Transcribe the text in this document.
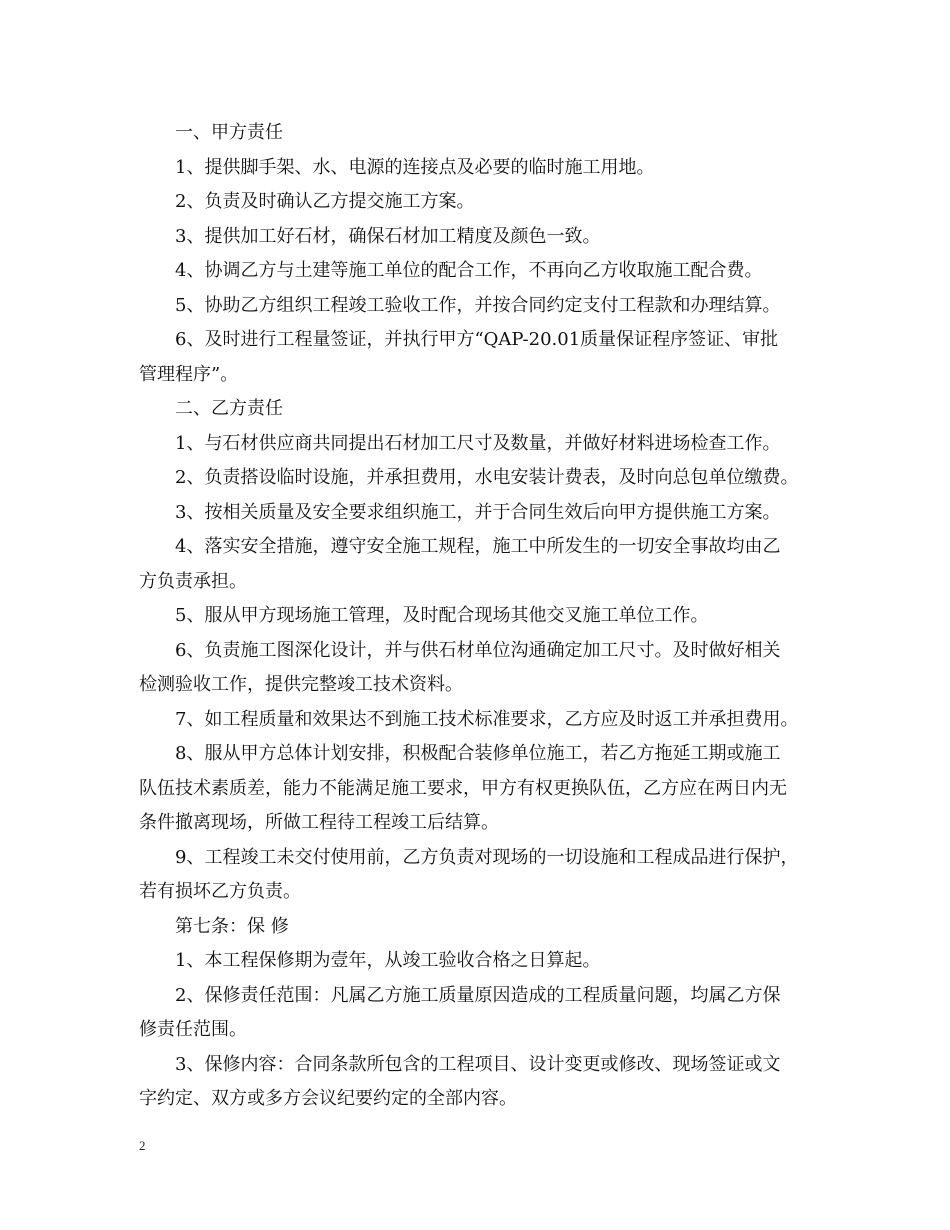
一、甲方责任
1、提供脚手架、水、电源的连接点及必要的临时施工用地。
2、负责及时确认乙方提交施工方案。
3、提供加工好石材，确保石材加工精度及颜色一致。
4、协调乙方与土建等施工单位的配合工作，不再向乙方收取施工配合费。
5、协助乙方组织工程竣工验收工作，并按合同约定支付工程款和办理结算。
6、及时进行工程量签证，并执行甲方“QAP-20.01质量保证程序签证、审批
管理程序”。
二、乙方责任
1、与石材供应商共同提出石材加工尺寸及数量，并做好材料进场检查工作。
2、负责搭设临时设施，并承担费用，水电安装计费表，及时向总包单位缴费。
3、按相关质量及安全要求组织施工，并于合同生效后向甲方提供施工方案。
4、落实安全措施，遵守安全施工规程，施工中所发生的一切安全事故均由乙
方负责承担。
5、服从甲方现场施工管理，及时配合现场其他交叉施工单位工作。
6、负责施工图深化设计，并与供石材单位沟通确定加工尺寸。及时做好相关
检测验收工作，提供完整竣工技术资料。
7、如工程质量和效果达不到施工技术标准要求，乙方应及时返工并承担费用。
8、服从甲方总体计划安排，积极配合装修单位施工，若乙方拖延工期或施工
队伍技术素质差，能力不能满足施工要求，甲方有权更换队伍，乙方应在两日内无
条件撤离现场，所做工程待工程竣工后结算。
9、工程竣工未交付使用前，乙方负责对现场的一切设施和工程成品进行保护，
若有损坏乙方负责。
第七条：保 修
1、本工程保修期为壹年，从竣工验收合格之日算起。
2、保修责任范围：凡属乙方施工质量原因造成的工程质量问题，均属乙方保
修责任范围。
3、保修内容：合同条款所包含的工程项目、设计变更或修改、现场签证或文
字约定、双方或多方会议纪要约定的全部内容。
2
